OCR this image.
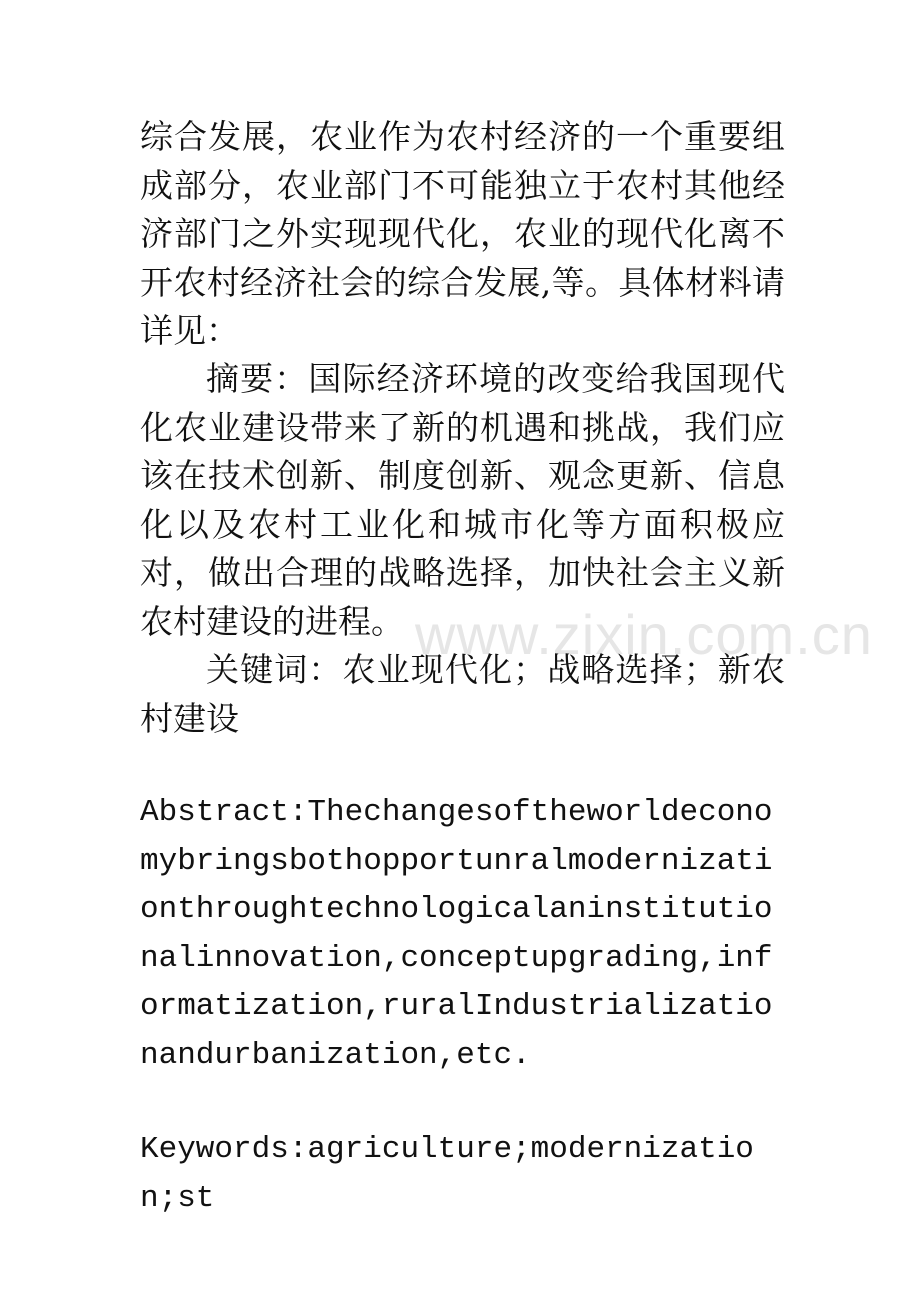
www.zixin.com.cn

综合发展，农业作为农村经济的一个重要组成部分，农业部门不可能独立于农村其他经济部门之外实现现代化，农业的现代化离不开农村经济社会的综合发展,等。具体材料请详见：

摘要：国际经济环境的改变给我国现代化农业建设带来了新的机遇和挑战，我们应该在技术创新、制度创新、观念更新、信息化以及农村工业化和城市化等方面积极应对，做出合理的战略选择，加快社会主义新农村建设的进程。

关键词：农业现代化；战略选择；新农村建设

Abstract:Thechangesoftheworldeconomybringsbothopportunralmodernizationthroughtechnologicalaninstitutionalinnovation,conceptupgrading,informatization,ruralIndustrializationandurbanization,etc.

Keywords:agriculture;modernization;st
